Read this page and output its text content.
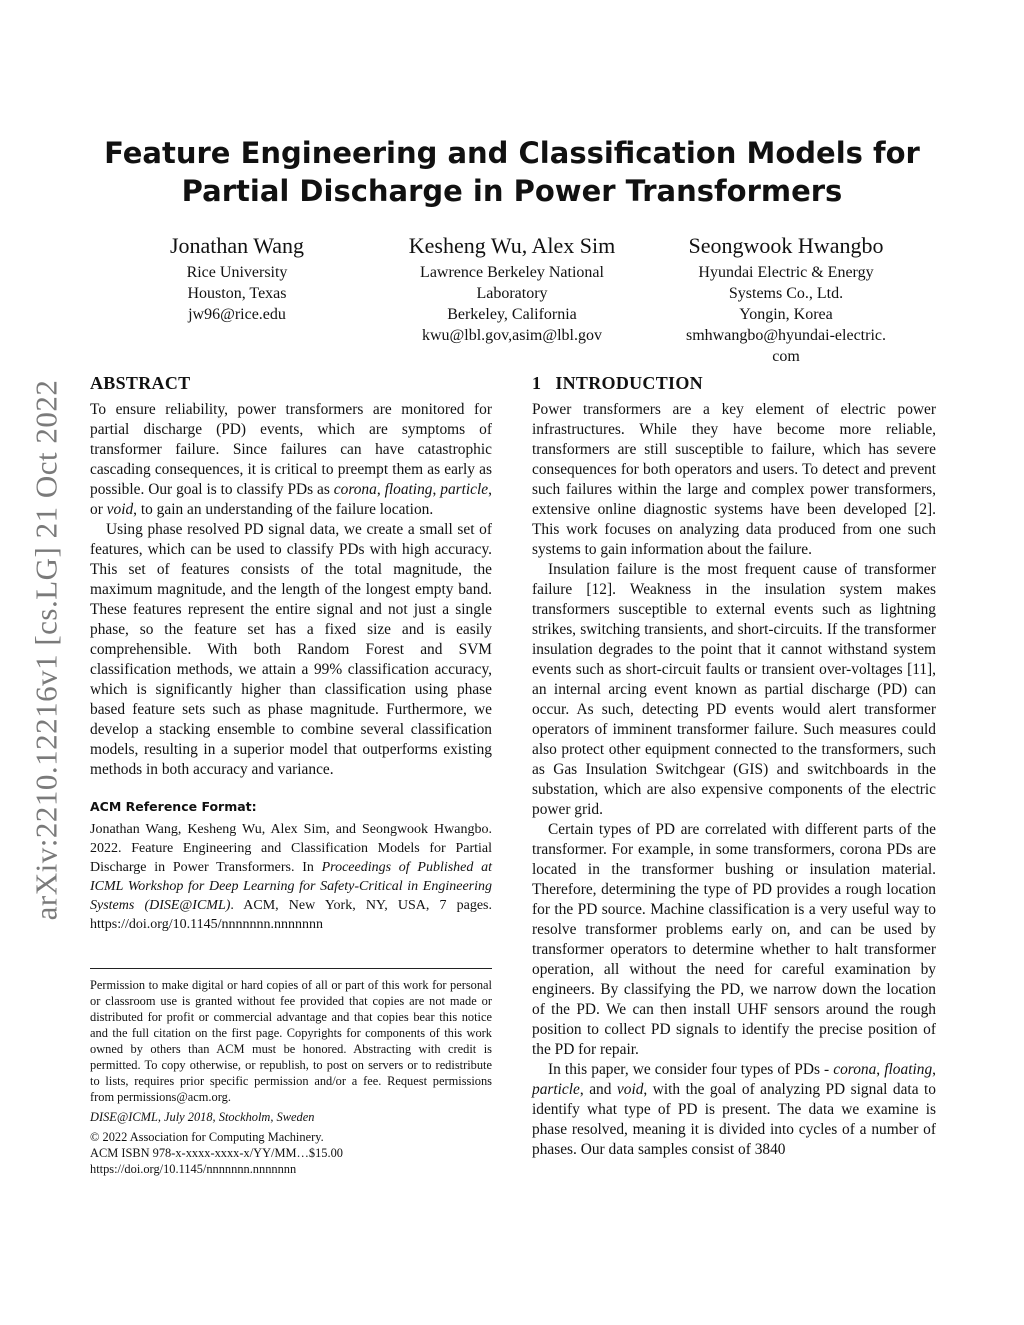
arXiv:2210.12216v1 [cs.LG] 21 Oct 2022
Feature Engineering and Classification Models for
Partial Discharge in Power Transformers
Jonathan Wang
Rice University
Houston, Texas
jw96@rice.edu
Kesheng Wu, Alex Sim
Lawrence Berkeley National
Laboratory
Berkeley, California
kwu@lbl.gov,asim@lbl.gov
Seongwook Hwangbo
Hyundai Electric & Energy
Systems Co., Ltd.
Yongin, Korea
smhwangbo@hyundai-electric.
com
ABSTRACT

To ensure reliability, power transformers are monitored for partial discharge (PD) events, which are symptoms of transformer failure. Since failures can have catastrophic cascading consequences, it is critical to preempt them as early as possible. Our goal is to classify PDs as corona, floating, particle, or void, to gain an understanding of the failure location.

Using phase resolved PD signal data, we create a small set of features, which can be used to classify PDs with high accuracy. This set of features consists of the total magnitude, the maximum magnitude, and the length of the longest empty band. These features represent the entire signal and not just a single phase, so the feature set has a fixed size and is easily comprehensible. With both Random Forest and SVM classification methods, we attain a 99% classification accuracy, which is significantly higher than classification using phase based feature sets such as phase magnitude. Furthermore, we develop a stacking ensemble to combine several classification models, resulting in a superior model that outperforms existing methods in both accuracy and variance.

ACM Reference Format:

Jonathan Wang, Kesheng Wu, Alex Sim, and Seongwook Hwangbo. 2022. Feature Engineering and Classification Models for Partial Discharge in Power Transformers. In Proceedings of Published at ICML Workshop for Deep Learning for Safety-Critical in Engineering Systems (DISE@ICML). ACM, New York, NY, USA, 7 pages. https://doi.org/10.1145/nnnnnnn.nnnnnnn

Permission to make digital or hard copies of all or part of this work for personal or classroom use is granted without fee provided that copies are not made or distributed for profit or commercial advantage and that copies bear this notice and the full citation on the first page. Copyrights for components of this work owned by others than ACM must be honored. Abstracting with credit is permitted. To copy otherwise, or republish, to post on servers or to redistribute to lists, requires prior specific permission and/or a fee. Request permissions from permissions@acm.org.

DISE@ICML, July 2018, Stockholm, Sweden

© 2022 Association for Computing Machinery.

ACM ISBN 978-x-xxxx-xxxx-x/YY/MM…$15.00

https://doi.org/10.1145/nnnnnnn.nnnnnnn

1 INTRODUCTION

Power transformers are a key element of electric power infrastructures. While they have become more reliable, transformers are still susceptible to failure, which has severe consequences for both operators and users. To detect and prevent such failures within the large and complex power transformers, extensive online diagnostic systems have been developed [2]. This work focuses on analyzing data produced from one such systems to gain information about the failure.

Insulation failure is the most frequent cause of transformer failure [12]. Weakness in the insulation system makes transformers susceptible to external events such as lightning strikes, switching transients, and short-circuits. If the transformer insulation degrades to the point that it cannot withstand system events such as short-circuit faults or transient over-voltages [11], an internal arcing event known as partial discharge (PD) can occur. As such, detecting PD events would alert transformer operators of imminent transformer failure. Such measures could also protect other equipment connected to the transformers, such as Gas Insulation Switchgear (GIS) and switchboards in the substation, which are also expensive components of the electric power grid.

Certain types of PD are correlated with different parts of the transformer. For example, in some transformers, corona PDs are located in the transformer bushing or insulation material. Therefore, determining the type of PD provides a rough location for the PD source. Machine classification is a very useful way to resolve transformer problems early on, and can be used by transformer operators to determine whether to halt transformer operation, all without the need for careful examination by engineers. By classifying the PD, we narrow down the location of the PD. We can then install UHF sensors around the rough position to collect PD signals to identify the precise position of the PD for repair.

In this paper, we consider four types of PDs - corona, floating, particle, and void, with the goal of analyzing PD signal data to identify what type of PD is present. The data we examine is phase resolved, meaning it is divided into cycles of a number of phases. Our data samples consist of 3840
